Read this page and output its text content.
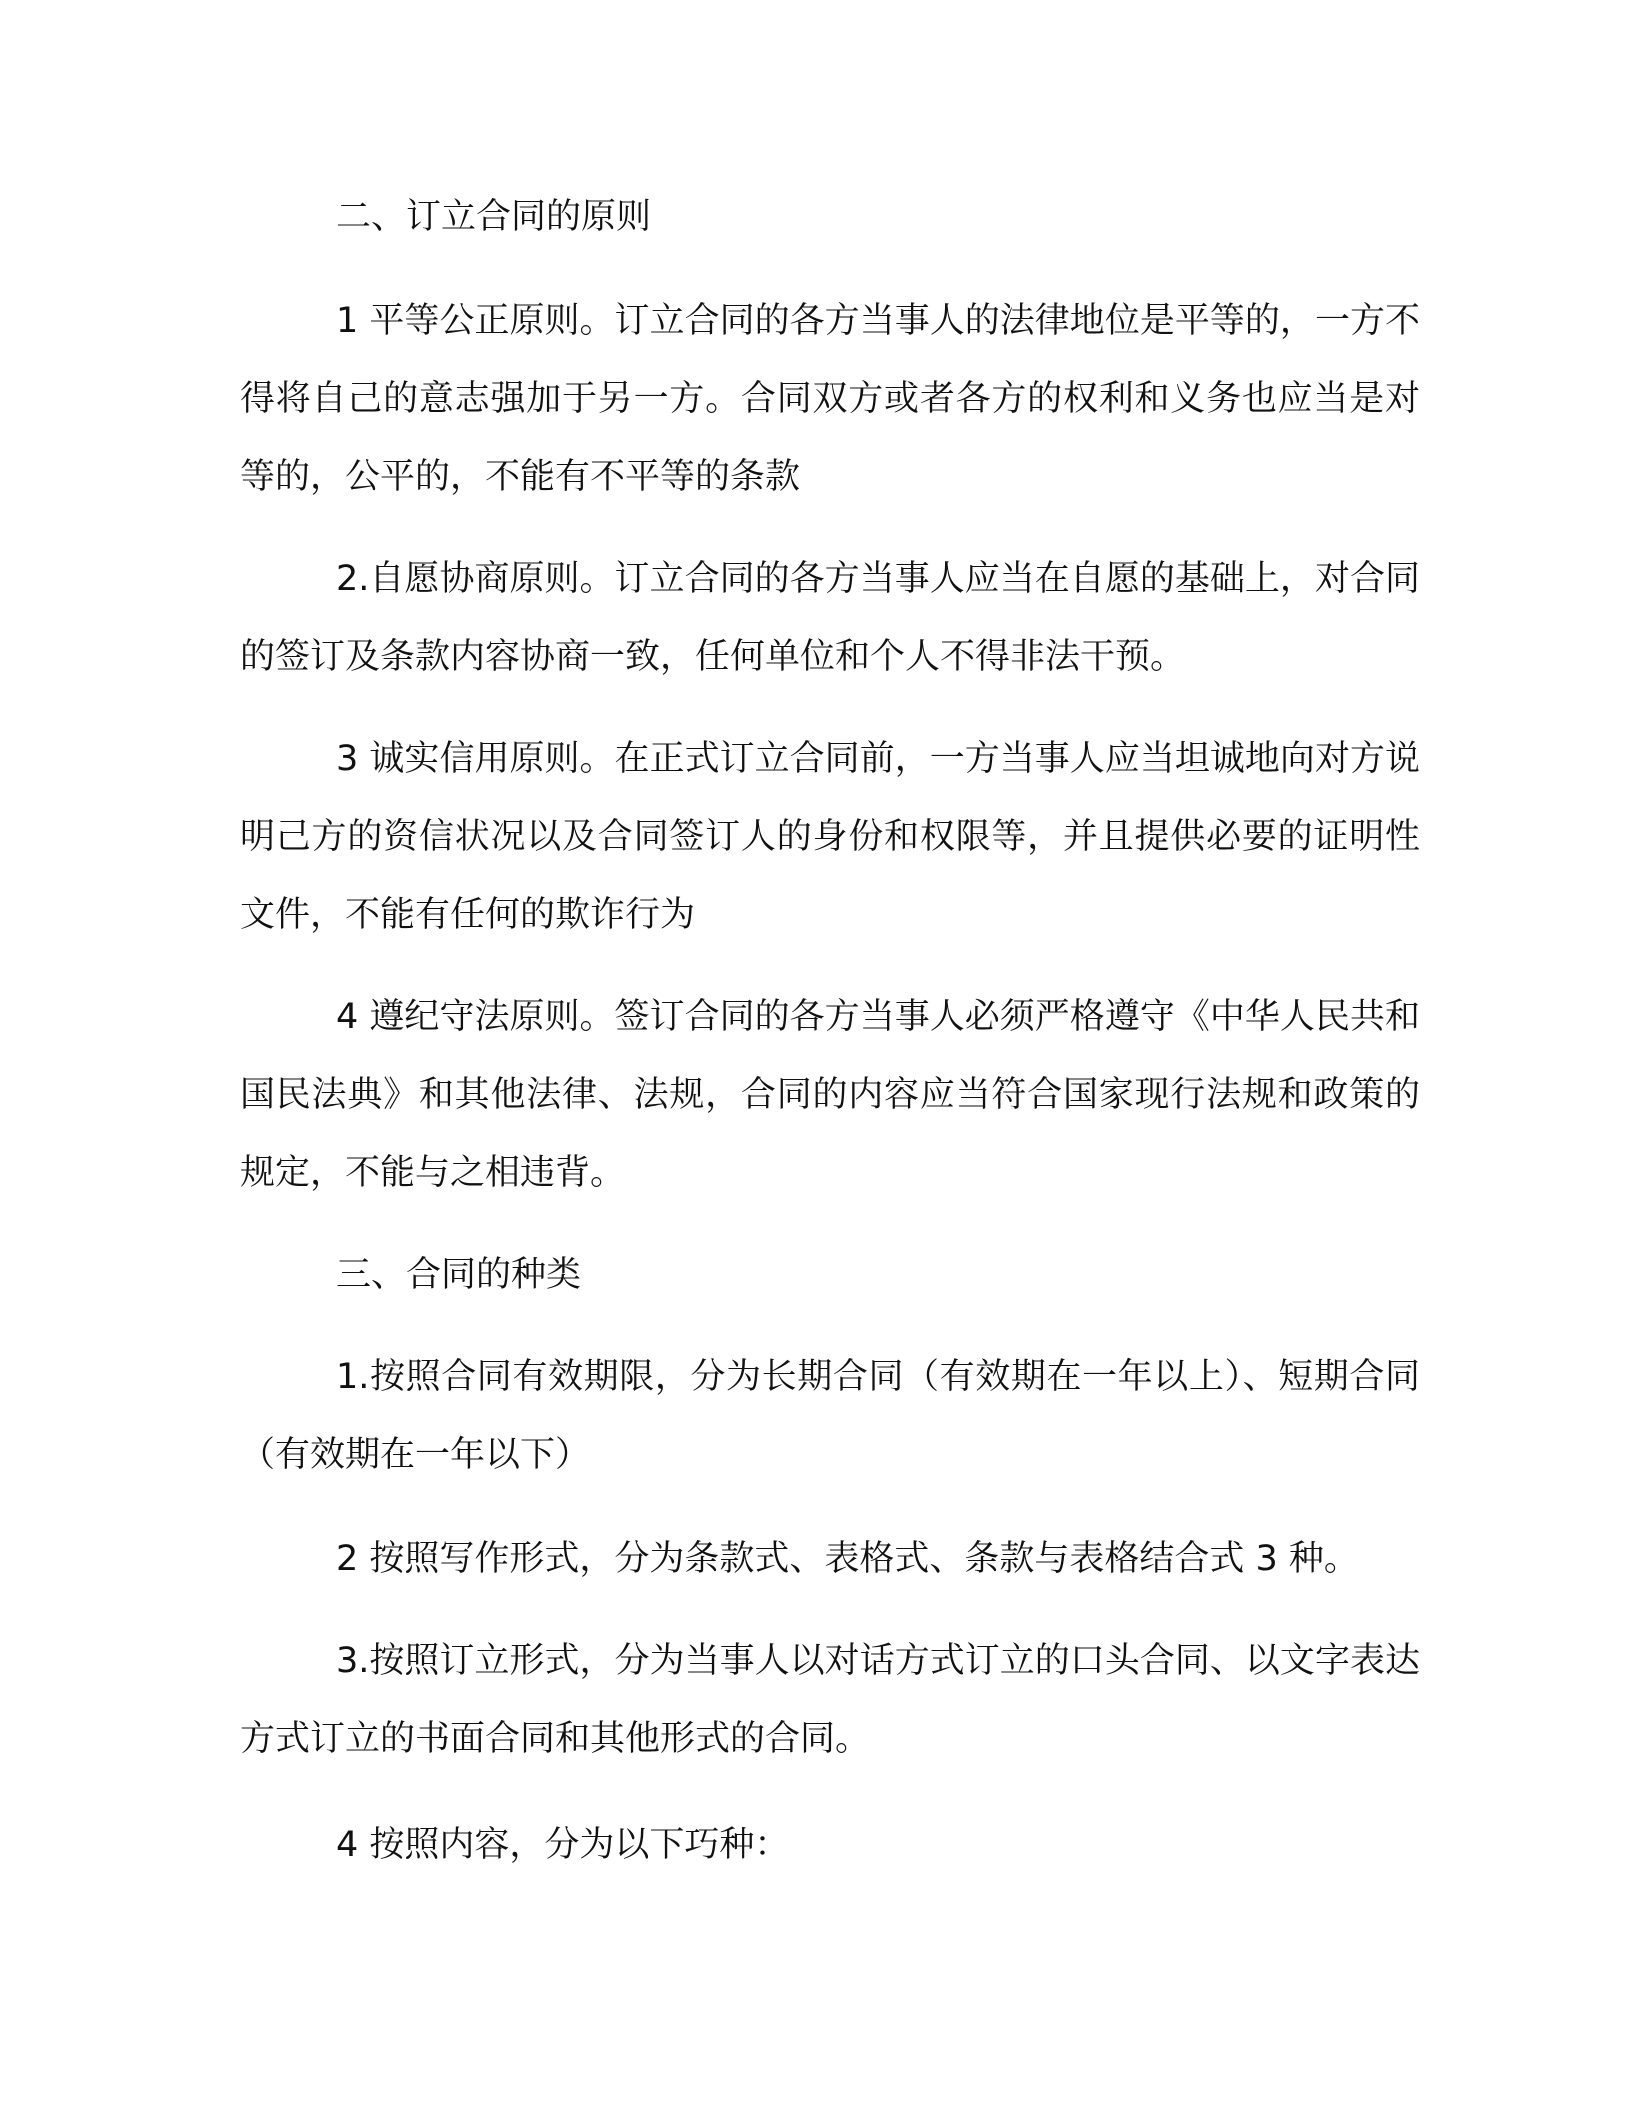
二、订立合同的原则

1 平等公正原则。订立合同的各方当事人的法律地位是平等的，一方不得将自己的意志强加于另一方。合同双方或者各方的权利和义务也应当是对等的，公平的，不能有不平等的条款

2.自愿协商原则。订立合同的各方当事人应当在自愿的基础上，对合同的签订及条款内容协商一致，任何单位和个人不得非法干预。

3 诚实信用原则。在正式订立合同前，一方当事人应当坦诚地向对方说明己方的资信状况以及合同签订人的身份和权限等，并且提供必要的证明性文件，不能有任何的欺诈行为

4 遵纪守法原则。签订合同的各方当事人必须严格遵守《中华人民共和国民法典》和其他法律、法规，合同的内容应当符合国家现行法规和政策的规定，不能与之相违背。

三、合同的种类

1.按照合同有效期限，分为长期合同（有效期在一年以上）、短期合同（有效期在一年以下）

2 按照写作形式，分为条款式、表格式、条款与表格结合式 3 种。

3.按照订立形式，分为当事人以对话方式订立的口头合同、以文字表达方式订立的书面合同和其他形式的合同。

4 按照内容，分为以下巧种：
